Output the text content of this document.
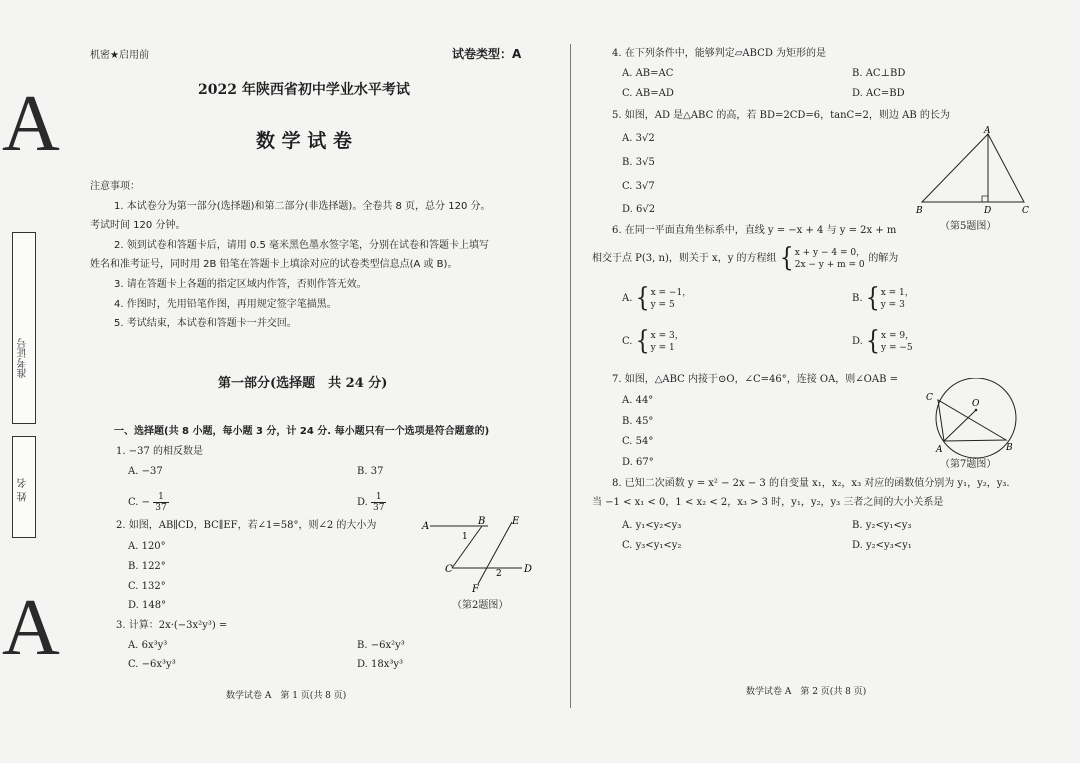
A
A
准考证号
姓 名
机密★启用前	试卷类型：A
2022 年陕西省初中学业水平考试
数 学 试 卷
注意事项：
1. 本试卷分为第一部分(选择题)和第二部分(非选择题)。全卷共 8 页，总分 120 分。
考试时间 120 分钟。
2. 领到试卷和答题卡后，请用 0.5 毫米黑色墨水签字笔，分别在试卷和答题卡上填写
姓名和准考证号，同时用 2B 铅笔在答题卡上填涂对应的试卷类型信息点(A 或 B)。
3. 请在答题卡上各题的指定区域内作答，否则作答无效。
4. 作图时，先用铅笔作图，再用规定签字笔描黑。
5. 考试结束，本试卷和答题卡一并交回。
第一部分(选择题　共 24 分)
一、选择题(共 8 小题，每小题 3 分，计 24 分. 每小题只有一个选项是符合题意的)
1. −37 的相反数是
A. −37	B. 37
C. − $\frac{1}{37}$	D. $\frac{1}{37}$
2. 如图，AB∥CD，BC∥EF，若∠1=58°，则∠2 的大小为
A. 120°
B. 122°
C. 132°
D. 148°
A	B	E
C	D
F
1
2
（第2题图）
3. 计算：2x·(−3x²y³) =
A. 6x³y³	B. −6x²y³
C. −6x³y³	D. 18x³y³
数学试卷 A　第 1 页(共 8 页)
4. 在下列条件中，能够判定▱ABCD 为矩形的是
A. AB=AC	B. AC⊥BD
C. AB=AD	D. AC=BD
5. 如图，AD 是△ABC 的高，若 BD=2CD=6，tanC=2，则边 AB 的长为
A. 3√2
B. 3√5
C. 3√7
D. 6√2
A
B	D	C
（第5题图）
6. 在同一平面直角坐标系中，直线 y = −x + 4 与 y = 2x + m
相交于点 P(3, n)，则关于 x，y 的方程组 { x + y − 4 = 0，
2x − y + m = 0
的解为
A. { x = −1，
y = 5
B. { x = 1，
y = 3
C. { x = 3，
y = 1
D. { x = 9，
y = −5
7. 如图，△ABC 内接于⊙O，∠C=46°，连接 OA，则∠OAB =
A. 44°
B. 45°
C. 54°
D. 67°
C
O
A	B
（第7题图）
8. 已知二次函数 y = x² − 2x − 3 的自变量 x₁，x₂，x₃ 对应的函数值分别为 y₁，y₂，y₃.
当 −1 < x₁ < 0，1 < x₂ < 2，x₃ > 3 时，y₁，y₂，y₃ 三者之间的大小关系是
A. y₁<y₂<y₃	B. y₂<y₁<y₃
C. y₃<y₁<y₂	D. y₂<y₃<y₁
数学试卷 A　第 2 页(共 8 页)
